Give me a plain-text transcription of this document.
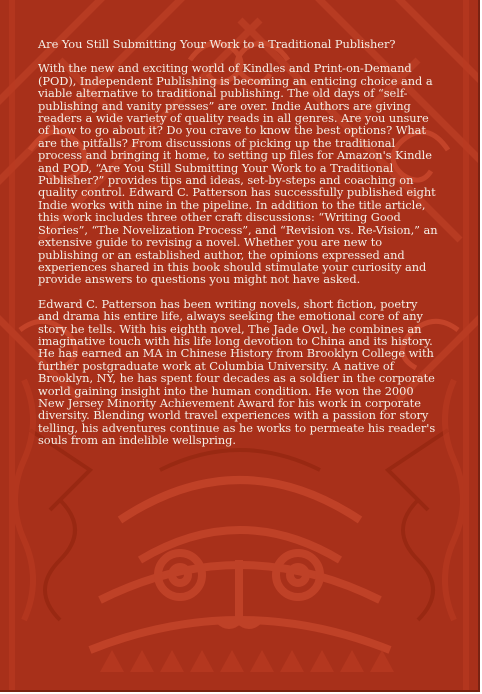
Are You Still Submitting Your Work to a Traditional Publisher?

With the new and exciting world of Kindles and Print-on-Demand (POD), Independent Publishing is becoming an enticing choice and a viable alternative to traditional publishing. The old days of “self-publishing and vanity presses” are over. Indie Authors are giving readers a wide variety of quality reads in all genres. Are you unsure of how to go about it? Do you crave to know the best options? What are the pitfalls? From discussions of picking up the traditional process and bringing it home, to setting up files for Amazon's Kindle and POD, “Are You Still Submitting Your Work to a Traditional Publisher?” provides tips and ideas, set-by-steps and coaching on quality control. Edward C. Patterson has successfully published eight Indie works with nine in the pipeline. In addition to the title article, this work includes three other craft discussions: “Writing Good Stories”, “The Novelization Process”, and “Revision vs. Re-Vision,” an extensive guide to revising a novel. Whether you are new to publishing or an established author, the opinions expressed and experiences shared in this book should stimulate your curiosity and provide answers to questions you might not have asked.

Edward C. Patterson has been writing novels, short fiction, poetry and drama his entire life, always seeking the emotional core of any story he tells. With his eighth novel, The Jade Owl, he combines an imaginative touch with his life long devotion to China and its history. He has earned an MA in Chinese History from Brooklyn College with further postgraduate work at Columbia University. A native of Brooklyn, NY, he has spent four decades as a soldier in the corporate world gaining insight into the human condition. He won the 2000 New Jersey Minority Achievement Award for his work in corporate diversity. Blending world travel experiences with a passion for story telling, his adventures continue as he works to permeate his reader's souls from an indelible wellspring.
